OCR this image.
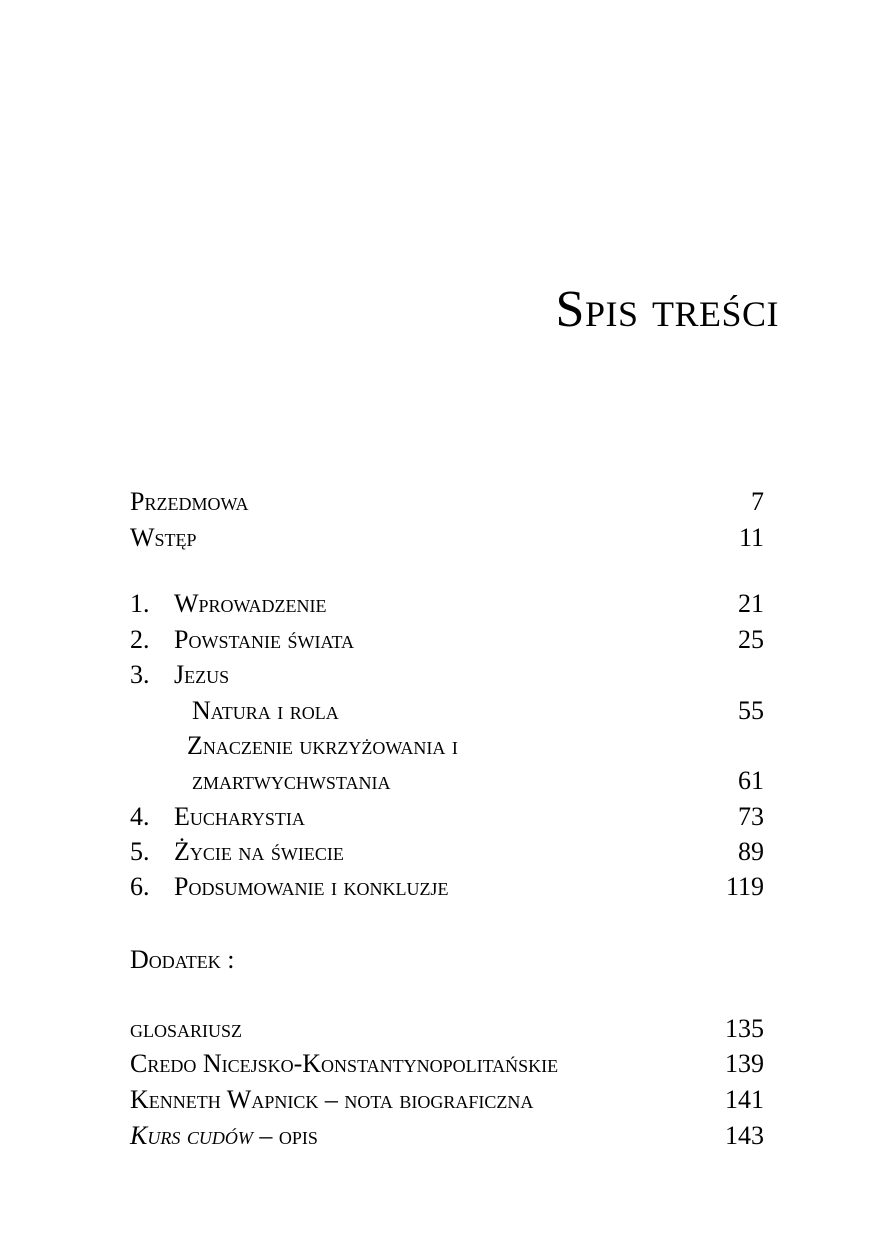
Spis treści
Przedmowa	7
Wstęp	11
1. Wprowadzenie	21
2. Powstanie świata	25
3. Jezus
Natura i rola	55
Znaczenie ukrzyżowania i
zmartwychwstania	61
4. Eucharystia	73
5. Życie na świecie	89
6. Podsumowanie i konkluzje	119
Dodatek :
glosariusz	135
Credo Nicejsko-Konstantynopolitańskie	139
Kenneth Wapnick – nota biograficzna	141
Kurs cudów – opis	143
